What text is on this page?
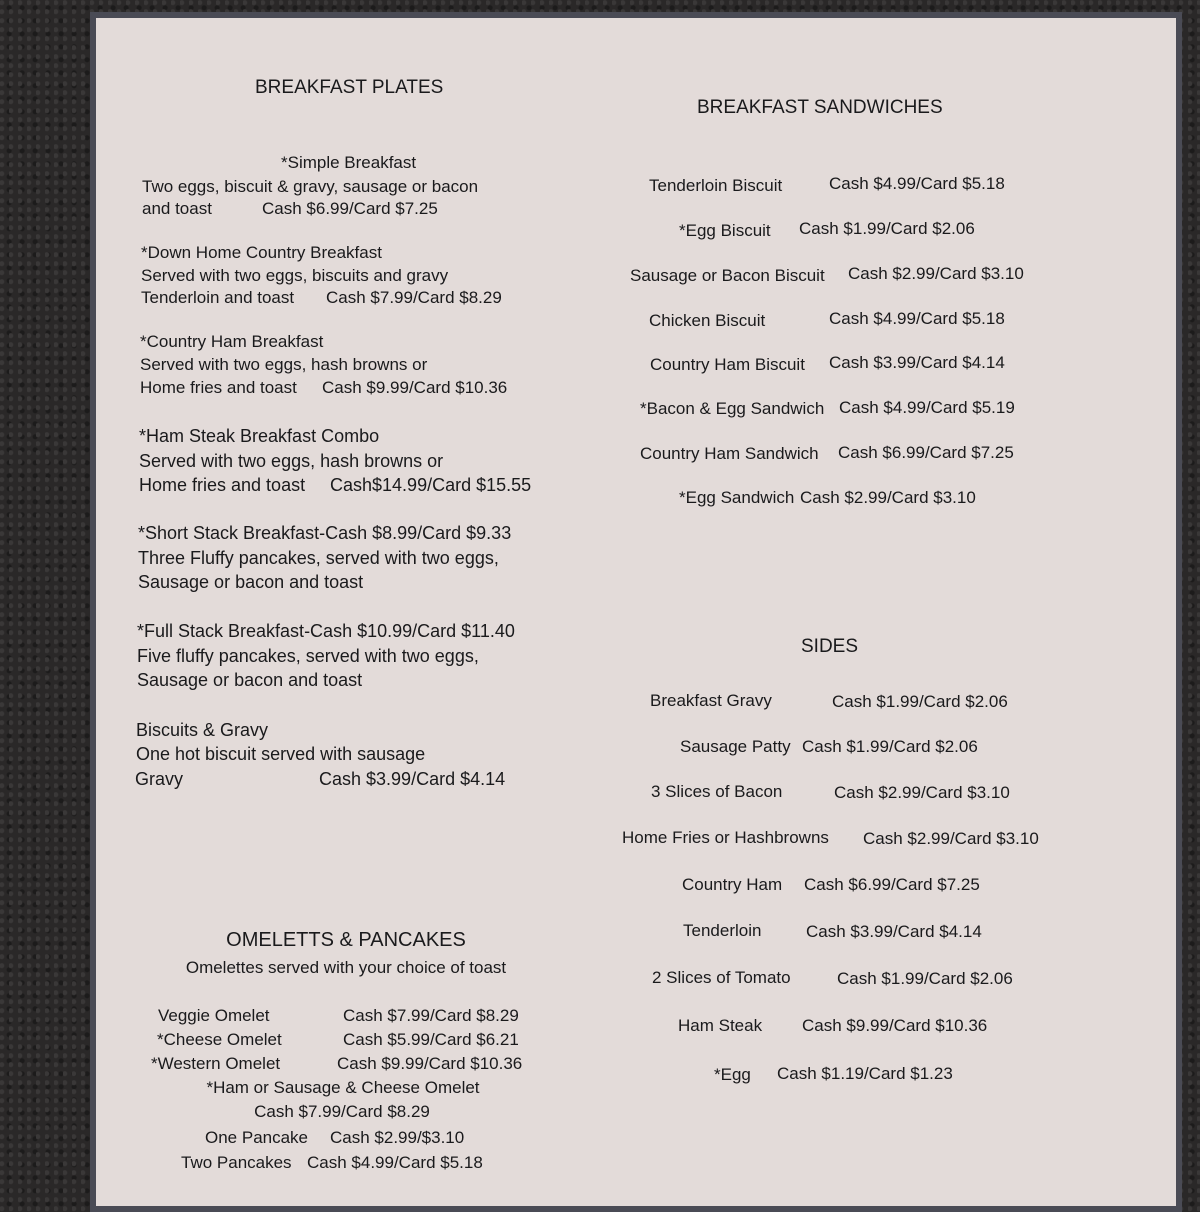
BREAKFAST PLATES
*Simple Breakfast
Two eggs, biscuit & gravy, sausage or bacon
and toast	Cash $6.99/Card $7.25
*Down Home Country Breakfast
Served with two eggs, biscuits and gravy
Tenderloin and toast Cash $7.99/Card $8.29
*Country Ham Breakfast
Served with two eggs, hash browns or
Home fries and toast Cash $9.99/Card $10.36
*Ham Steak Breakfast Combo
Served with two eggs, hash browns or
Home fries and toast Cash$14.99/Card $15.55
*Short Stack Breakfast-Cash $8.99/Card $9.33
Three Fluffy pancakes, served with two eggs,
Sausage or bacon and toast
*Full Stack Breakfast-Cash $10.99/Card $11.40
Five fluffy pancakes, served with two eggs,
Sausage or bacon and toast
Biscuits & Gravy
One hot biscuit served with sausage
Gravy	Cash $3.99/Card $4.14
OMELETTS & PANCAKES
Omelettes served with your choice of toast
Veggie Omelet	Cash $7.99/Card $8.29
*Cheese Omelet	Cash $5.99/Card $6.21
*Western Omelet	Cash $9.99/Card $10.36
*Ham or Sausage & Cheese Omelet
Cash $7.99/Card $8.29
One Pancake Cash $2.99/$3.10
Two Pancakes Cash $4.99/Card $5.18
BREAKFAST SANDWICHES
Tenderloin Biscuit	Cash $4.99/Card $5.18
*Egg Biscuit Cash $1.99/Card $2.06
Sausage or Bacon Biscuit Cash $2.99/Card $3.10
Chicken Biscuit	Cash $4.99/Card $5.18
Country Ham Biscuit Cash $3.99/Card $4.14
*Bacon & Egg Sandwich Cash $4.99/Card $5.19
Country Ham Sandwich Cash $6.99/Card $7.25
*Egg Sandwich Cash $2.99/Card $3.10
SIDES
Breakfast Gravy	Cash $1.99/Card $2.06
Sausage Patty Cash $1.99/Card $2.06
3 Slices of Bacon	Cash $2.99/Card $3.10
Home Fries or Hashbrowns Cash $2.99/Card $3.10
Country Ham Cash $6.99/Card $7.25
Tenderloin	Cash $3.99/Card $4.14
2 Slices of Tomato	Cash $1.99/Card $2.06
Ham Steak Cash $9.99/Card $10.36
*Egg Cash $1.19/Card $1.23
